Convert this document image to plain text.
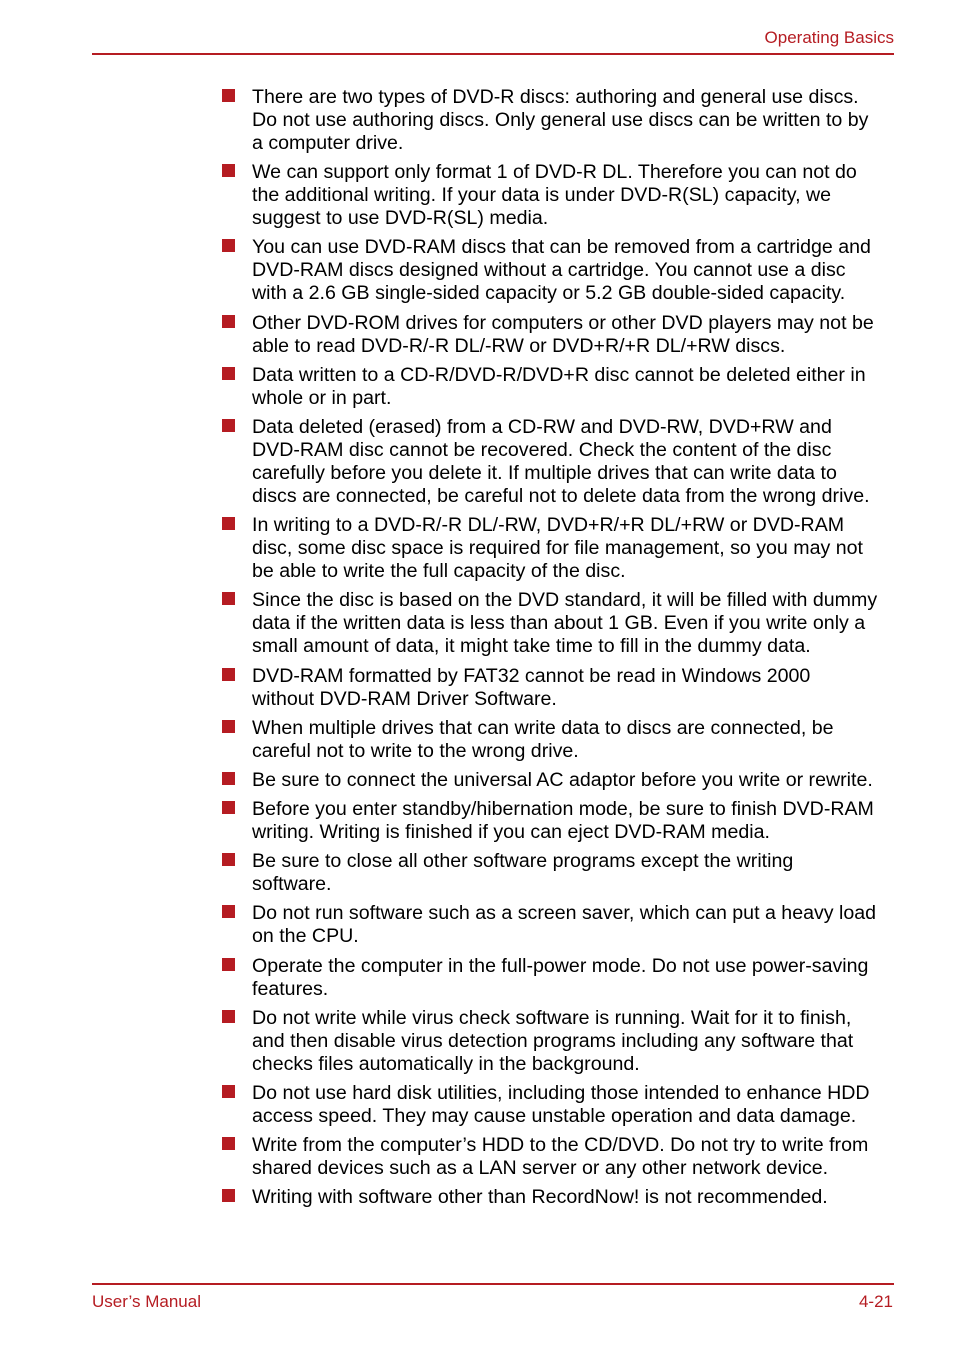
Operating Basics
There are two types of DVD-R discs: authoring and general use discs.
Do not use authoring discs. Only general use discs can be written to by
a computer drive.
We can support only format 1 of DVD-R DL. Therefore you can not do
the additional writing. If your data is under DVD-R(SL) capacity, we
suggest to use DVD-R(SL) media.
You can use DVD-RAM discs that can be removed from a cartridge and
DVD-RAM discs designed without a cartridge. You cannot use a disc
with a 2.6 GB single-sided capacity or 5.2 GB double-sided capacity.
Other DVD-ROM drives for computers or other DVD players may not be
able to read DVD-R/-R DL/-RW or DVD+R/+R DL/+RW discs.
Data written to a CD-R/DVD-R/DVD+R disc cannot be deleted either in
whole or in part.
Data deleted (erased) from a CD-RW and DVD-RW, DVD+RW and
DVD-RAM disc cannot be recovered. Check the content of the disc
carefully before you delete it. If multiple drives that can write data to
discs are connected, be careful not to delete data from the wrong drive.
In writing to a DVD-R/-R DL/-RW, DVD+R/+R DL/+RW or DVD-RAM
disc, some disc space is required for file management, so you may not
be able to write the full capacity of the disc.
Since the disc is based on the DVD standard, it will be filled with dummy
data if the written data is less than about 1 GB. Even if you write only a
small amount of data, it might take time to fill in the dummy data.
DVD-RAM formatted by FAT32 cannot be read in Windows 2000
without DVD-RAM Driver Software.
When multiple drives that can write data to discs are connected, be
careful not to write to the wrong drive.
Be sure to connect the universal AC adaptor before you write or rewrite.
Before you enter standby/hibernation mode, be sure to finish DVD-RAM
writing. Writing is finished if you can eject DVD-RAM media.
Be sure to close all other software programs except the writing
software.
Do not run software such as a screen saver, which can put a heavy load
on the CPU.
Operate the computer in the full-power mode. Do not use power-saving
features.
Do not write while virus check software is running. Wait for it to finish,
and then disable virus detection programs including any software that
checks files automatically in the background.
Do not use hard disk utilities, including those intended to enhance HDD
access speed. They may cause unstable operation and data damage.
Write from the computer’s HDD to the CD/DVD. Do not try to write from
shared devices such as a LAN server or any other network device.
Writing with software other than RecordNow! is not recommended.
User’s Manual	4-21
